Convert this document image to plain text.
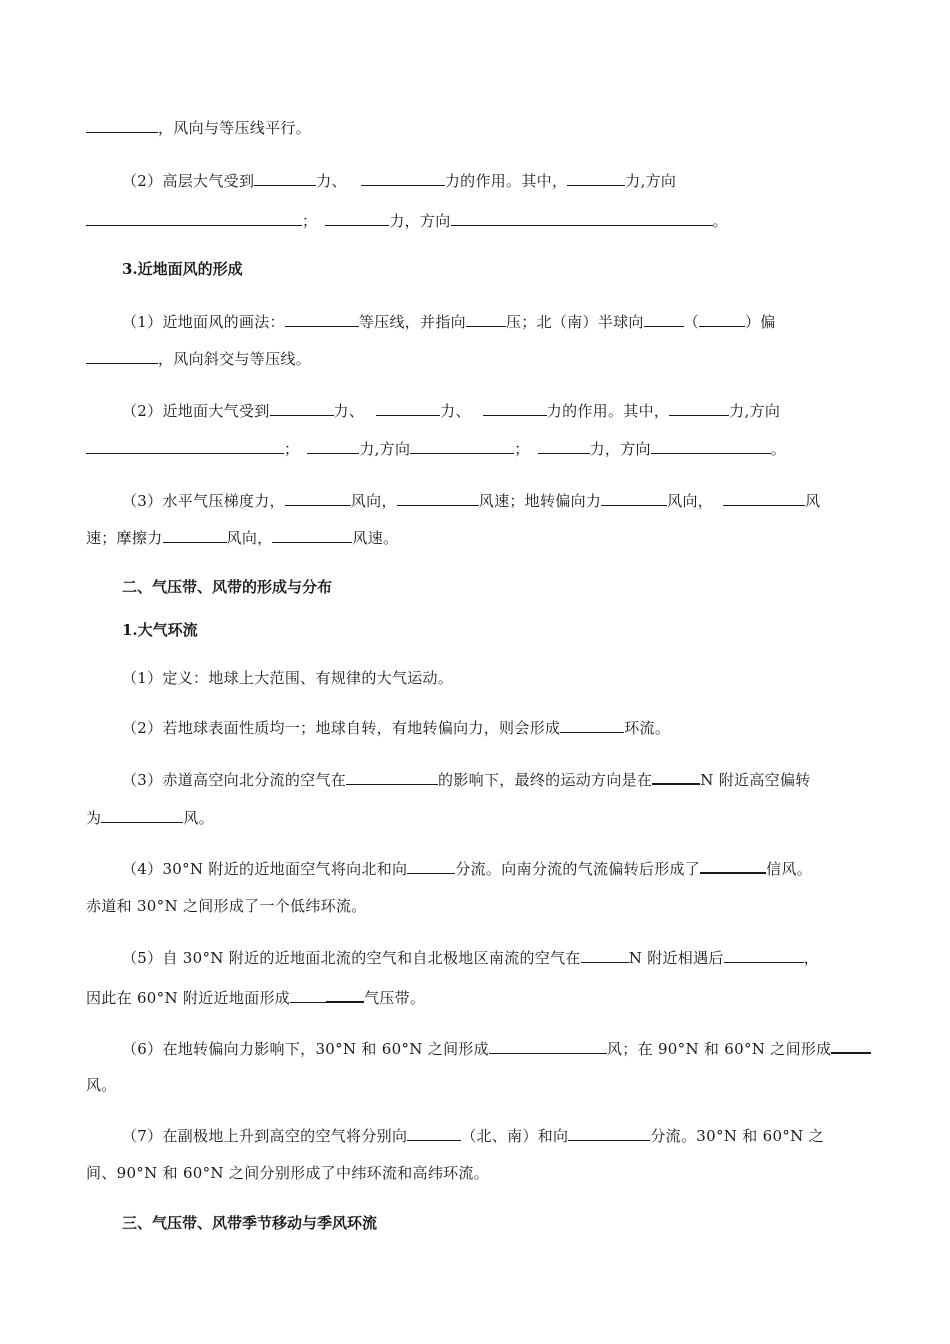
，风向与等压线平行。
（2）高层大气受到	力、	力的作用。其中，	力,方向
；	力，方向	。
3.近地面风的形成
（1）近地面风的画法：	等压线，并指向	压；北（南）半球向	（	）偏
，风向斜交与等压线。
（2）近地面大气受到	力、	力、	力的作用。其中，	力,方向
；	力,方向	；	力，方向	。
（3）水平气压梯度力，	风向，	风速；地转偏向力	风向，	风
速；摩擦力	风向，	风速。
二、气压带、风带的形成与分布
1.大气环流
（1）定义：地球上大范围、有规律的大气运动。
（2）若地球表面性质均一；地球自转，有地转偏向力，则会形成	环流。
（3）赤道高空向北分流的空气在	的影响下，最终的运动方向是在	N 附近高空偏转
为	风。
（4）30°N 附近的近地面空气将向北和向	分流。向南分流的气流偏转后形成了	信风。
赤道和 30°N 之间形成了一个低纬环流。
（5）自 30°N 附近的近地面北流的空气和自北极地区南流的空气在	N 附近相遇后	，
因此在 60°N 附近近地面形成	气压带。
（6）在地转偏向力影响下，30°N 和 60°N 之间形成	风；在 90°N 和 60°N 之间形成
风。
（7）在副极地上升到高空的空气将分别向	（北、南）和向	分流。30°N 和 60°N 之
间、90°N 和 60°N 之间分别形成了中纬环流和高纬环流。
三、气压带、风带季节移动与季风环流
